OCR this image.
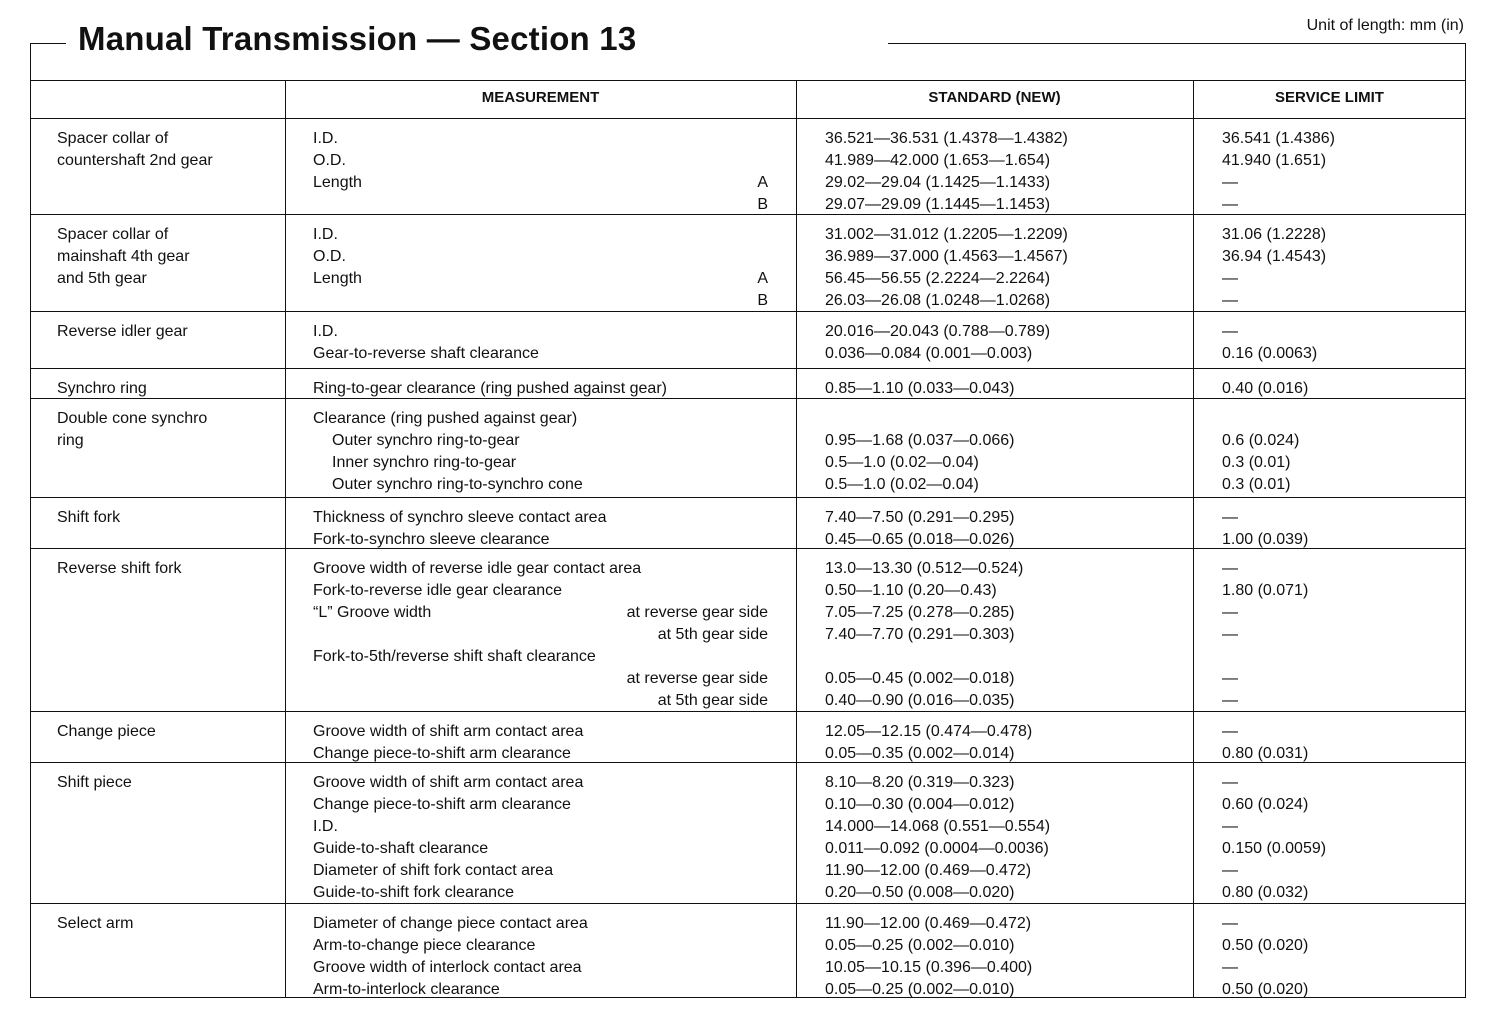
Manual Transmission — Section 13	Unit of length: mm (in)
MEASUREMENT	STANDARD (NEW)	SERVICE LIMIT
Spacer collar of
countershaft 2nd gear
I.D.	36.521—36.531 (1.4378—1.4382)	36.541 (1.4386)
O.D.	41.989—42.000 (1.653—1.654)	41.940 (1.651)
Length	A	29.02—29.04 (1.1425—1.1433)	—
B	29.07—29.09 (1.1445—1.1453)	—
Spacer collar of
mainshaft 4th gear
and 5th gear
I.D.	31.002—31.012 (1.2205—1.2209)	31.06 (1.2228)
O.D.	36.989—37.000 (1.4563—1.4567)	36.94 (1.4543)
Length	A	56.45—56.55 (2.2224—2.2264)	—
B	26.03—26.08 (1.0248—1.0268)	—
Reverse idler gear	I.D.	20.016—20.043 (0.788—0.789)	—
Gear-to-reverse shaft clearance	0.036—0.084 (0.001—0.003)	0.16 (0.0063)
Synchro ring	Ring-to-gear clearance (ring pushed against gear)	0.85—1.10 (0.033—0.043)	0.40 (0.016)
Double cone synchro
ring
Clearance (ring pushed against gear)
Outer synchro ring-to-gear	0.95—1.68 (0.037—0.066)	0.6 (0.024)
Inner synchro ring-to-gear	0.5—1.0 (0.02—0.04)	0.3 (0.01)
Outer synchro ring-to-synchro cone	0.5—1.0 (0.02—0.04)	0.3 (0.01)
Shift fork	Thickness of synchro sleeve contact area	7.40—7.50 (0.291—0.295)	—
Fork-to-synchro sleeve clearance	0.45—0.65 (0.018—0.026)	1.00 (0.039)
Reverse shift fork	Groove width of reverse idle gear contact area	13.0—13.30 (0.512—0.524)	—
Fork-to-reverse idle gear clearance	0.50—1.10 (0.20—0.43)	1.80 (0.071)
“L” Groove width	at reverse gear side	7.05—7.25 (0.278—0.285)	—
at 5th gear side	7.40—7.70 (0.291—0.303)	—
Fork-to-5th/reverse shift shaft clearance
at reverse gear side	0.05—0.45 (0.002—0.018)	—
at 5th gear side	0.40—0.90 (0.016—0.035)	—
Change piece	Groove width of shift arm contact area	12.05—12.15 (0.474—0.478)	—
Change piece-to-shift arm clearance	0.05—0.35 (0.002—0.014)	0.80 (0.031)
Shift piece	Groove width of shift arm contact area	8.10—8.20 (0.319—0.323)	—
Change piece-to-shift arm clearance	0.10—0.30 (0.004—0.012)	0.60 (0.024)
I.D.	14.000—14.068 (0.551—0.554)	—
Guide-to-shaft clearance	0.011—0.092 (0.0004—0.0036)	0.150 (0.0059)
Diameter of shift fork contact area	11.90—12.00 (0.469—0.472)	—
Guide-to-shift fork clearance	0.20—0.50 (0.008—0.020)	0.80 (0.032)
Select arm	Diameter of change piece contact area	11.90—12.00 (0.469—0.472)	—
Arm-to-change piece clearance	0.05—0.25 (0.002—0.010)	0.50 (0.020)
Groove width of interlock contact area	10.05—10.15 (0.396—0.400)	—
Arm-to-interlock clearance	0.05—0.25 (0.002—0.010)	0.50 (0.020)
